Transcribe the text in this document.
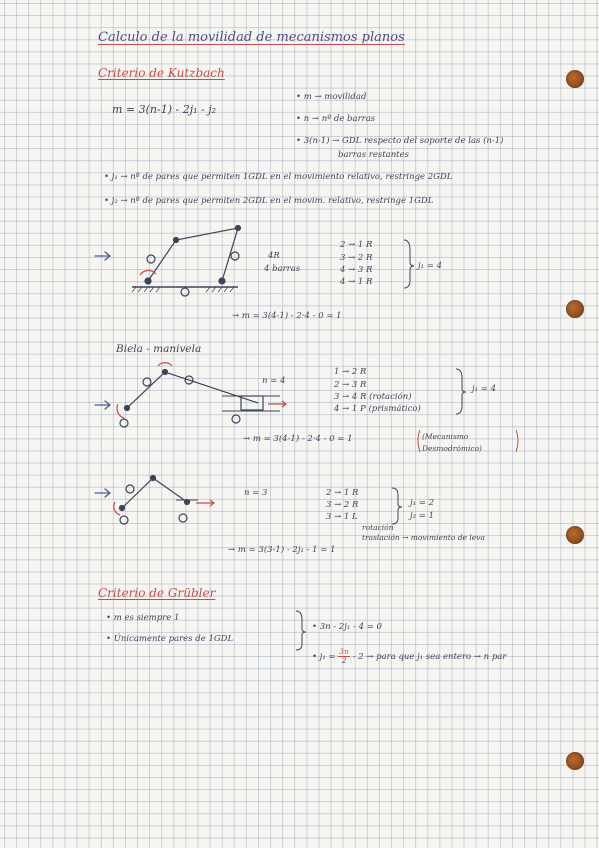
Calculo de la movilidad de mecanismos planos
Criterio de Kutzbach
m = 3(n-1) - 2j₁ - j₂
• m → movilidad
• n → nº de barras
• 3(n-1) → GDL respecto del soporte de las (n-1)
barras restantes
• j₁ → nº de pares que permiten 1GDL en el movimiento relativo, restringe 2GDL
• j₂ → nº de pares que permiten 2GDL en el movim. relativo, restringe 1GDL
4R
4 barras
2 → 1 R
3 → 2 R
4 → 3 R
4 → 1 R
j₁ = 4
→ m = 3(4-1) - 2·4 - 0 = 1
Biela - manivela
n = 4
1 → 2 R
2 → 3 R
3 → 4 R (rotación)
4 → 1 P (prismático)
j₁ = 4
→ m = 3(4-1) - 2·4 - 0 = 1	(Mecanismo
Desmodrómico)
n = 3	2 → 1 R
3 → 2 R
3 → 1 L
j₁ = 2
j₂ = 1
rotación
traslación → movimiento de leva
→ m = 3(3-1) - 2j₁ - 1 = 1
Criterio de Grübler
• m es siempre 1
• Únicamente pares de 1GDL
• 3n - 2j₁ - 4 = 0
• $j_1 = \frac{3n}{2} - 2$ → para que j₁ sea entero → n par
